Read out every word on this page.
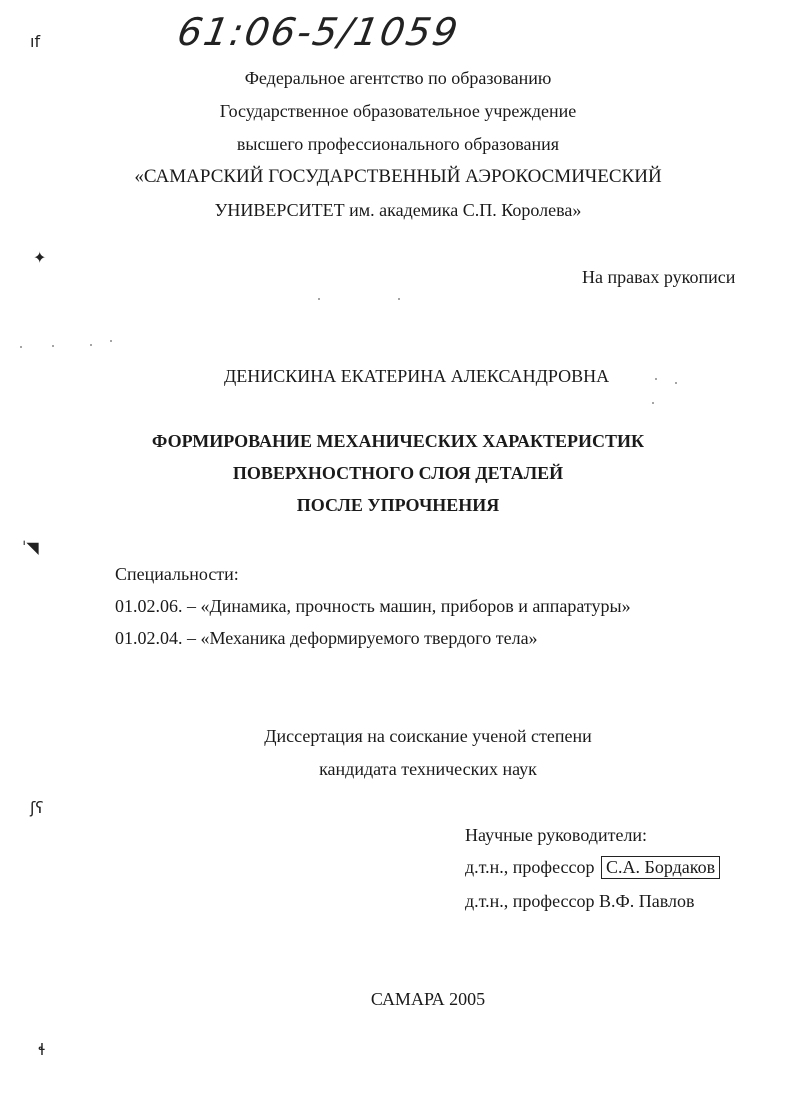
61:06-5/1059
ıf
✦
ˈ◥
ʃʕ
ɬ
Федеральное агентство по образованию
Государственное образовательное учреждение
высшего профессионального образования
«САМАРСКИЙ ГОСУДАРСТВЕННЫЙ АЭРОКОСМИЧЕСКИЙ
УНИВЕРСИТЕТ им. академика С.П. Королева»
На правах рукописи
ДЕНИСКИНА ЕКАТЕРИНА АЛЕКСАНДРОВНА
ФОРМИРОВАНИЕ МЕХАНИЧЕСКИХ ХАРАКТЕРИСТИК
ПОВЕРХНОСТНОГО СЛОЯ ДЕТАЛЕЙ
ПОСЛЕ УПРОЧНЕНИЯ
Специальности:
01.02.06. – «Динамика, прочность машин, приборов и аппаратуры»
01.02.04. – «Механика деформируемого твердого тела»
Диссертация на соискание ученой степени
кандидата технических наук
Научные руководители:
д.т.н., профессор С.А. Бордаков
д.т.н., профессор В.Ф. Павлов
САМАРА 2005
